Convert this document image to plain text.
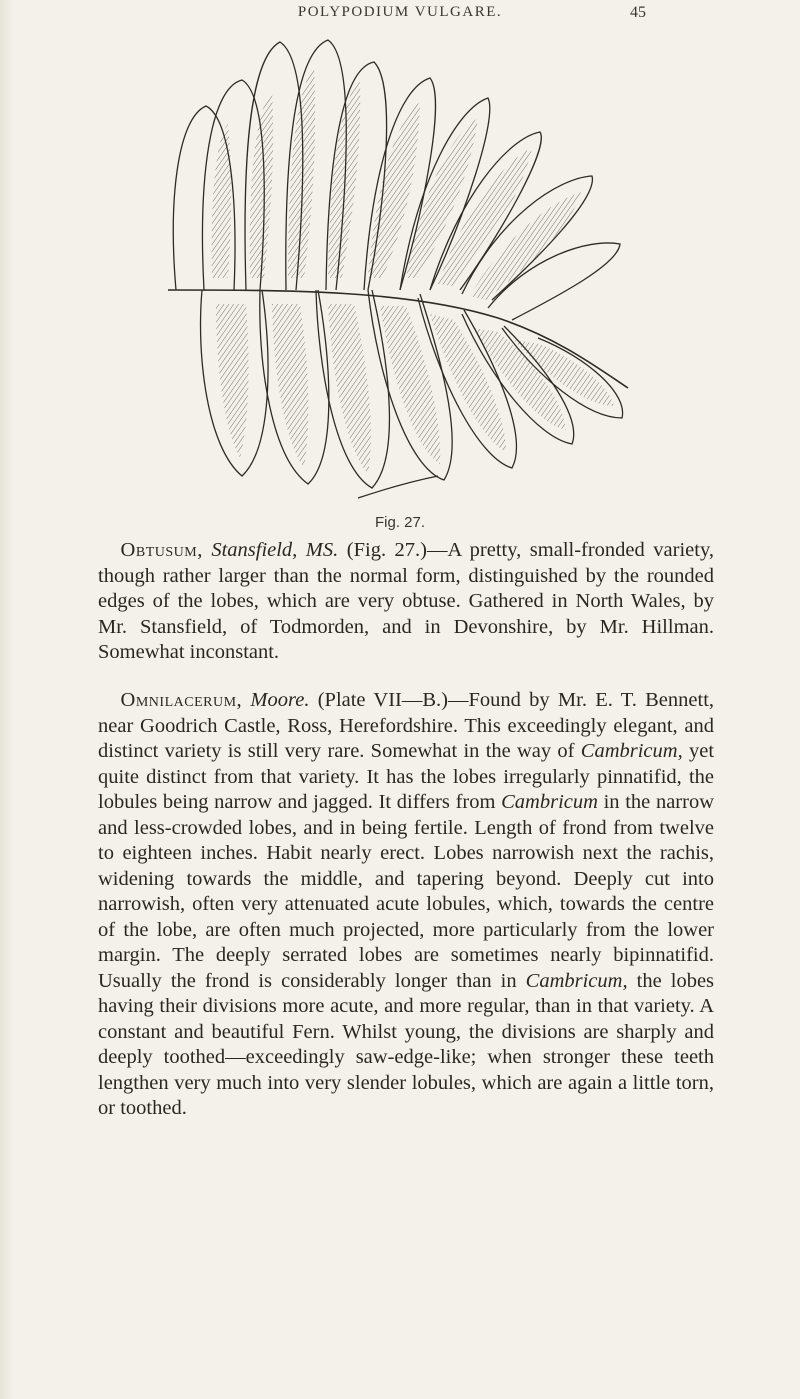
POLYPODIUM VULGARE.	45
Fig. 27.

Obtusum, Stansfield, MS. (Fig. 27.)—A pretty, small-fronded variety, though rather larger than the normal form, distinguished by the rounded edges of the lobes, which are very obtuse. Gathered in North Wales, by Mr. Stansfield, of Todmorden, and in Devonshire, by Mr. Hillman. Somewhat inconstant.

Omnilacerum, Moore. (Plate VII—B.)—Found by Mr. E. T. Bennett, near Goodrich Castle, Ross, Herefordshire. This exceedingly elegant, and distinct variety is still very rare. Somewhat in the way of Cambricum, yet quite distinct from that variety. It has the lobes irregularly pinnatifid, the lobules being narrow and jagged. It differs from Cambricum in the narrow and less-crowded lobes, and in being fertile. Length of frond from twelve to eighteen inches. Habit nearly erect. Lobes narrowish next the rachis, widening towards the middle, and tapering beyond. Deeply cut into narrowish, often very attenuated acute lobules, which, towards the centre of the lobe, are often much projected, more particularly from the lower margin. The deeply serrated lobes are sometimes nearly bipinnatifid. Usually the frond is considerably longer than in Cambricum, the lobes having their divisions more acute, and more regular, than in that variety. A constant and beautiful Fern. Whilst young, the divisions are sharply and deeply toothed—exceedingly saw-edge-like; when stronger these teeth lengthen very much into very slender lobules, which are again a little torn, or toothed.
